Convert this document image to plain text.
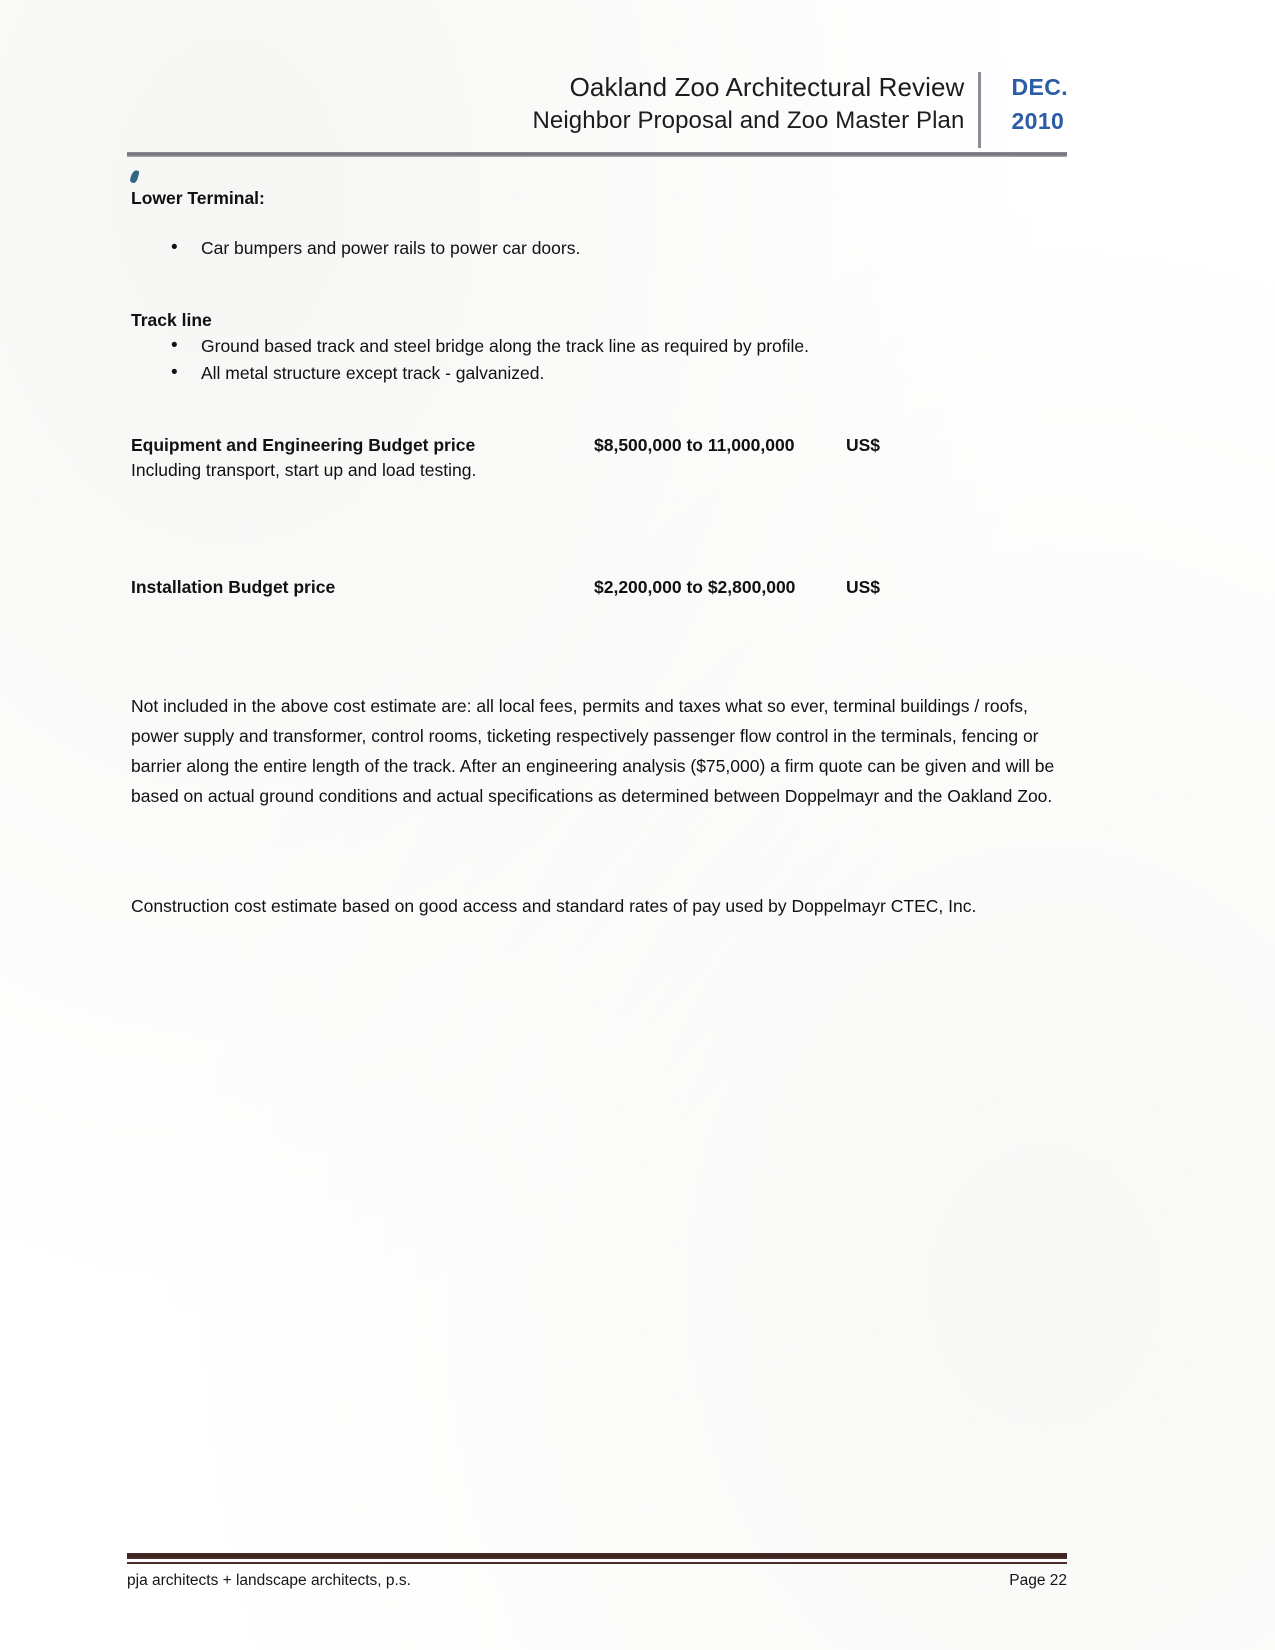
Oakland Zoo Architectural Review
Neighbor Proposal and Zoo Master Plan
DEC.
2010
Lower Terminal:
• Car bumpers and power rails to power car doors.
Track line
• Ground based track and steel bridge along the track line as required by profile.
• All metal structure except track - galvanized.
Equipment and Engineering Budget price	$8,500,000 to 11,000,000	US$
Including transport, start up and load testing.
Installation Budget price	$2,200,000 to $2,800,000	US$
Not included in the above cost estimate are: all local fees, permits and taxes what so ever, terminal buildings / roofs, power supply and transformer, control rooms, ticketing respectively passenger flow control in the terminals, fencing or barrier along the entire length of the track. After an engineering analysis ($75,000) a firm quote can be given and will be based on actual ground conditions and actual specifications as determined between Doppelmayr and the Oakland Zoo.
Construction cost estimate based on good access and standard rates of pay used by Doppelmayr CTEC, Inc.
pja architects + landscape architects, p.s.	Page 22
